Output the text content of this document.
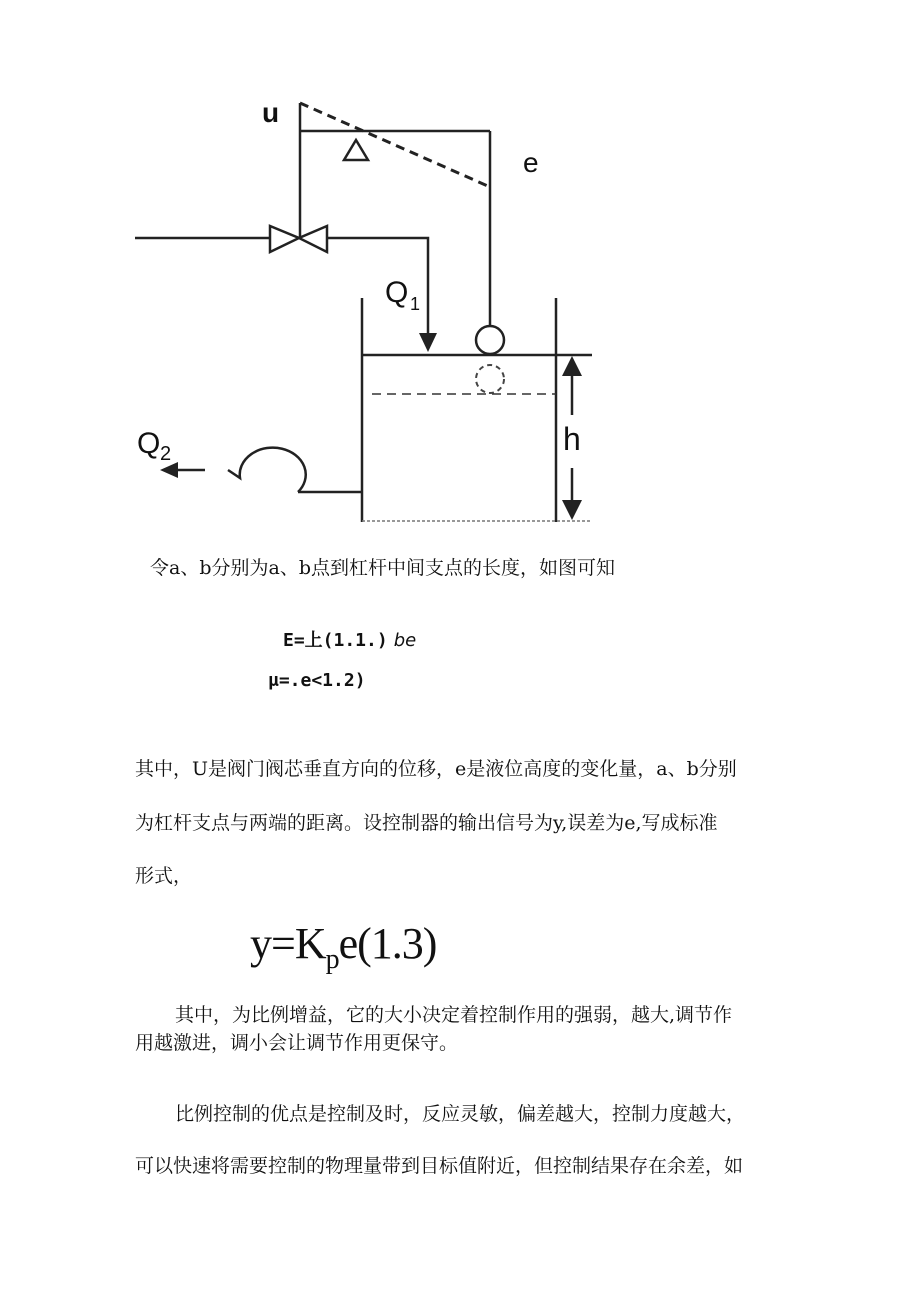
u
e
Q 1
Q 2	h

令a、b分别为a、b点到杠杆中间支点的长度，如图可知

E=上(1.1.) be

μ=.e<1.2)

其中，U是阀门阀芯垂直方向的位移，e是液位高度的变化量，a、b分别

为杠杆支点与两端的距离。设控制器的输出信号为y,误差为e,写成标准

形式，

$y=K_pe(1.3)$

其中，为比例增益，它的大小决定着控制作用的强弱，越大,调节作

用越激进，调小会让调节作用更保守。

比例控制的优点是控制及时，反应灵敏，偏差越大，控制力度越大，

可以快速将需要控制的物理量带到目标值附近，但控制结果存在余差，如
